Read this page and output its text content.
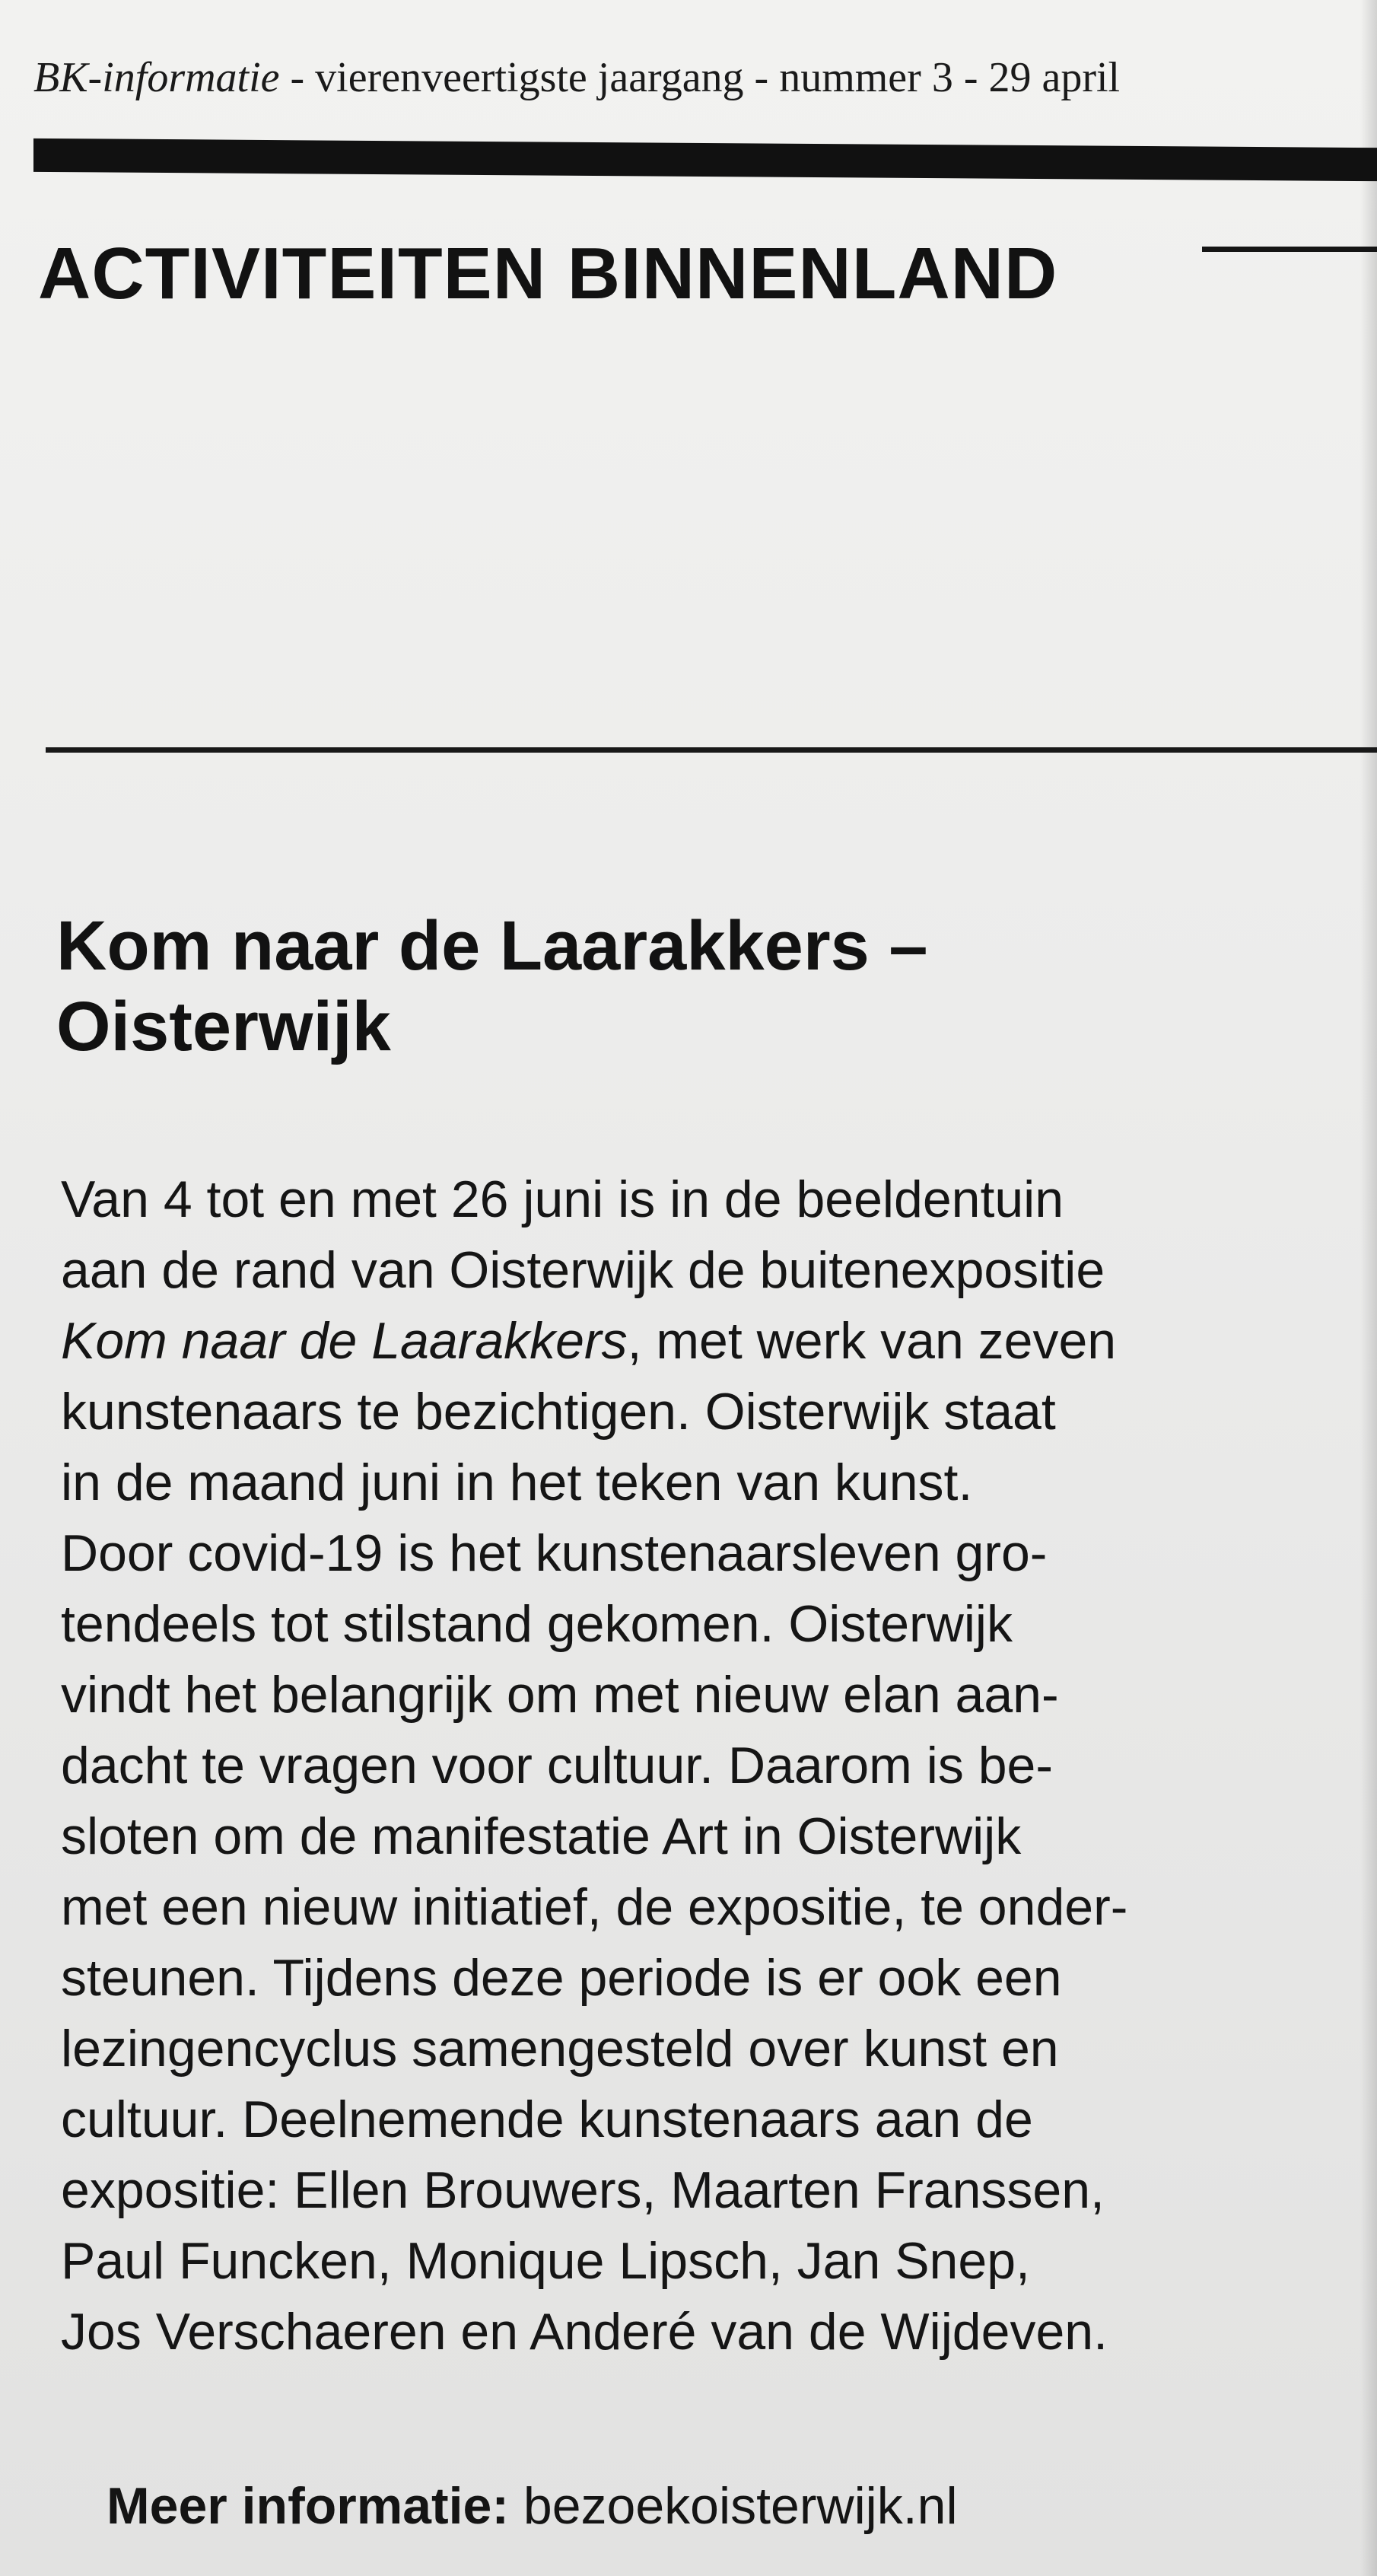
BK-informatie - vierenveertigste jaargang - nummer 3 - 29 april
ACTIVITEITEN BINNENLAND
Kom naar de Laarakkers –
Oisterwijk
Van 4 tot en met 26 juni is in de beeldentuin
aan de rand van Oisterwijk de buitenexpositie
Kom naar de Laarakkers, met werk van zeven
kunstenaars te bezichtigen. Oisterwijk staat
in de maand juni in het teken van kunst.
Door covid-19 is het kunstenaarsleven gro-
tendeels tot stilstand gekomen. Oisterwijk
vindt het belangrijk om met nieuw elan aan-
dacht te vragen voor cultuur. Daarom is be-
sloten om de manifestatie Art in Oisterwijk
met een nieuw initiatief, de expositie, te onder-
steunen. Tijdens deze periode is er ook een
lezingencyclus samengesteld over kunst en
cultuur. Deelnemende kunstenaars aan de
expositie: Ellen Brouwers, Maarten Franssen,
Paul Funcken, Monique Lipsch, Jan Snep,
Jos Verschaeren en Anderé van de Wijdeven.
Meer informatie: bezoekoisterwijk.nl
